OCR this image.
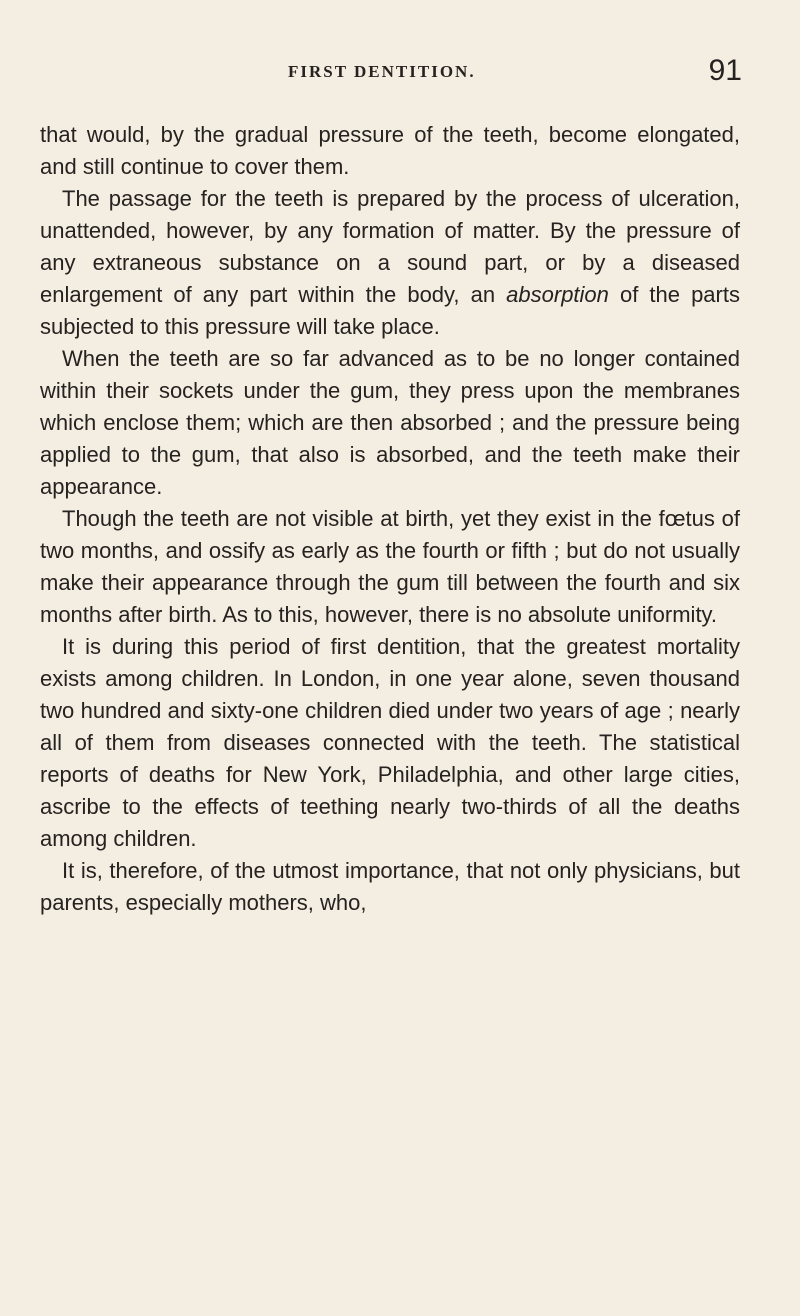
FIRST DENTITION.	91

that would, by the gradual pressure of the teeth, become elongated, and still continue to cover them.

The passage for the teeth is prepared by the process of ulceration, unattended, however, by any formation of matter. By the pressure of any extraneous substance on a sound part, or by a diseased enlargement of any part within the body, an absorption of the parts subjected to this pressure will take place.

When the teeth are so far advanced as to be no longer contained within their sockets under the gum, they press upon the membranes which enclose them; which are then absorbed ; and the pressure being applied to the gum, that also is absorbed, and the teeth make their appearance.

Though the teeth are not visible at birth, yet they exist in the fœtus of two months, and ossify as early as the fourth or fifth ; but do not usually make their appearance through the gum till between the fourth and six months after birth. As to this, however, there is no absolute uniformity.

It is during this period of first dentition, that the greatest mortality exists among children. In London, in one year alone, seven thousand two hundred and sixty-one children died under two years of age ; nearly all of them from diseases connected with the teeth. The statistical reports of deaths for New York, Philadelphia, and other large cities, ascribe to the effects of teething nearly two-thirds of all the deaths among children.

It is, therefore, of the utmost importance, that not only physicians, but parents, especially mothers, who,
